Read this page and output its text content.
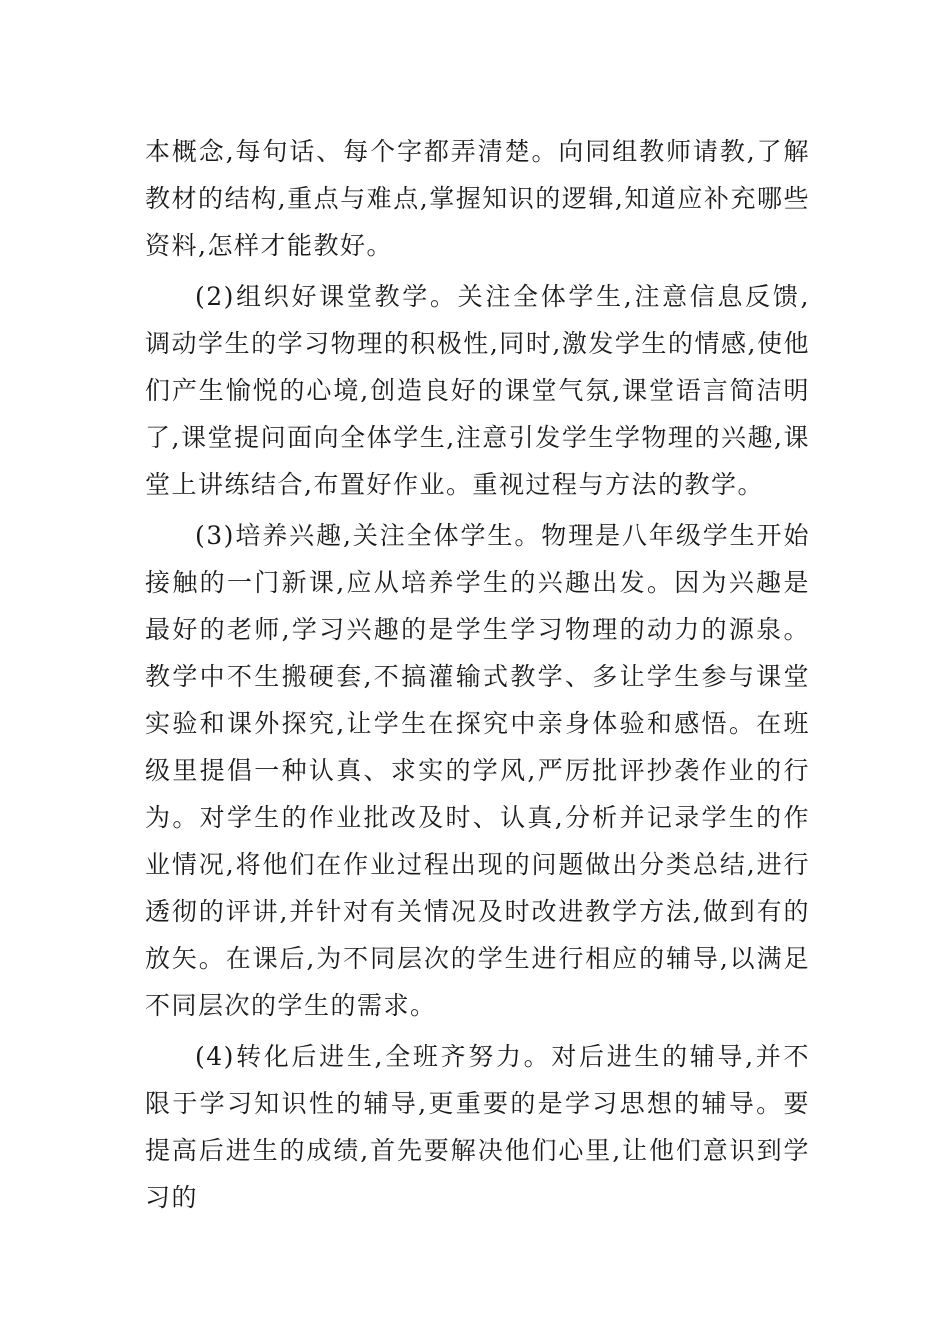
本概念,每句话、每个字都弄清楚。向同组教师请教,了解教材的结构,重点与难点,掌握知识的逻辑,知道应补充哪些资料,怎样才能教好。

(2)组织好课堂教学。关注全体学生,注意信息反馈,调动学生的学习物理的积极性,同时,激发学生的情感,使他们产生愉悦的心境,创造良好的课堂气氛,课堂语言简洁明了,课堂提问面向全体学生,注意引发学生学物理的兴趣,课堂上讲练结合,布置好作业。重视过程与方法的教学。

(3)培养兴趣,关注全体学生。物理是八年级学生开始接触的一门新课,应从培养学生的兴趣出发。因为兴趣是最好的老师,学习兴趣的是学生学习物理的动力的源泉。教学中不生搬硬套,不搞灌输式教学、多让学生参与课堂实验和课外探究,让学生在探究中亲身体验和感悟。在班级里提倡一种认真、求实的学风,严厉批评抄袭作业的行为。对学生的作业批改及时、认真,分析并记录学生的作业情况,将他们在作业过程出现的问题做出分类总结,进行透彻的评讲,并针对有关情况及时改进教学方法,做到有的放矢。在课后,为不同层次的学生进行相应的辅导,以满足不同层次的学生的需求。

(4)转化后进生,全班齐努力。对后进生的辅导,并不限于学习知识性的辅导,更重要的是学习思想的辅导。要提高后进生的成绩,首先要解决他们心里,让他们意识到学习的
